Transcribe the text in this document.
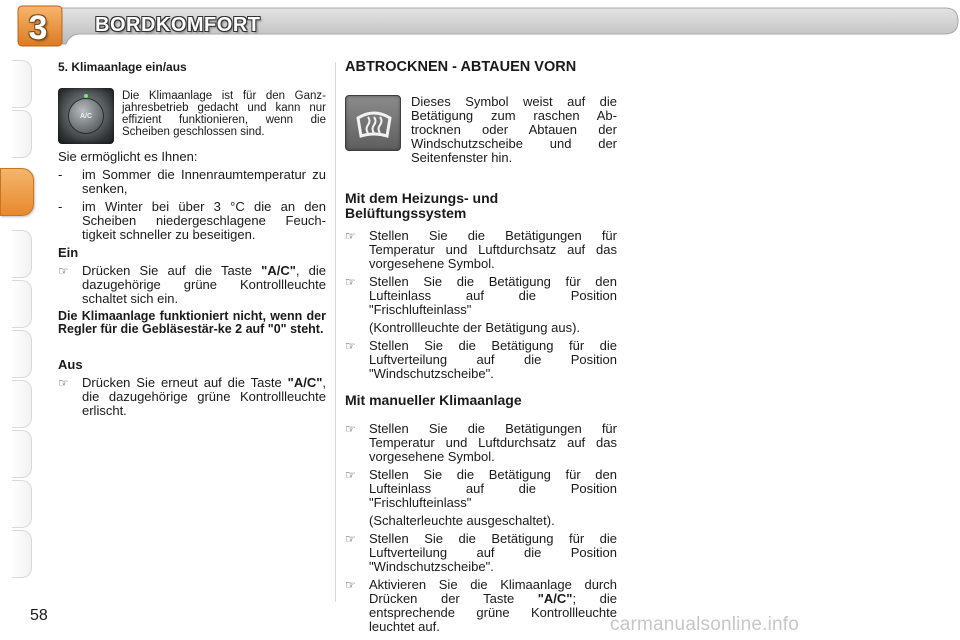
3	BORDKOMFORT
5. Klimaanlage ein/aus
A/C
Die Klimaanlage ist für den Ganz-jahresbetrieb gedacht und kann nur effizient funktionieren, wenn die Scheiben geschlossen sind.
Sie ermöglicht es Ihnen:
-	im Sommer die Innenraumtemperatur zu senken,
-	im Winter bei über 3 °C die an den Scheiben niedergeschlagene Feuch-tigkeit schneller zu beseitigen.
Ein
☞	Drücken Sie auf die Taste "A/C", die dazugehörige grüne Kontrollleuchte schaltet sich ein.
Die Klimaanlage funktioniert nicht, wenn der Regler für die Gebläsestär-ke 2 auf "0" steht.
Aus
☞	Drücken Sie erneut auf die Taste "A/C", die dazugehörige grüne Kontrollleuchte erlischt.
ABTROCKNEN - ABTAUEN VORN
Dieses Symbol weist auf die Betätigung zum raschen Ab-trocknen oder Abtauen der Windschutzscheibe und der Seitenfenster hin.
Mit dem Heizungs- und Belüftungssystem
☞	Stellen Sie die Betätigungen für Temperatur und Luftdurchsatz auf das vorgesehene Symbol.
☞	Stellen Sie die Betätigung für den Lufteinlass auf die Position "Frischlufteinlass"
(Kontrollleuchte der Betätigung aus).
☞	Stellen Sie die Betätigung für die Luftverteilung auf die Position "Windschutzscheibe".
Mit manueller Klimaanlage
☞	Stellen Sie die Betätigungen für Temperatur und Luftdurchsatz auf das vorgesehene Symbol.
☞	Stellen Sie die Betätigung für den Lufteinlass auf die Position "Frischlufteinlass"
(Schalterleuchte ausgeschaltet).
☞	Stellen Sie die Betätigung für die Luftverteilung auf die Position "Windschutzscheibe".
☞	Aktivieren Sie die Klimaanlage durch Drücken der Taste "A/C"; die entsprechende grüne Kontrollleuchte leuchtet auf.
58	carmanualsonline.info
